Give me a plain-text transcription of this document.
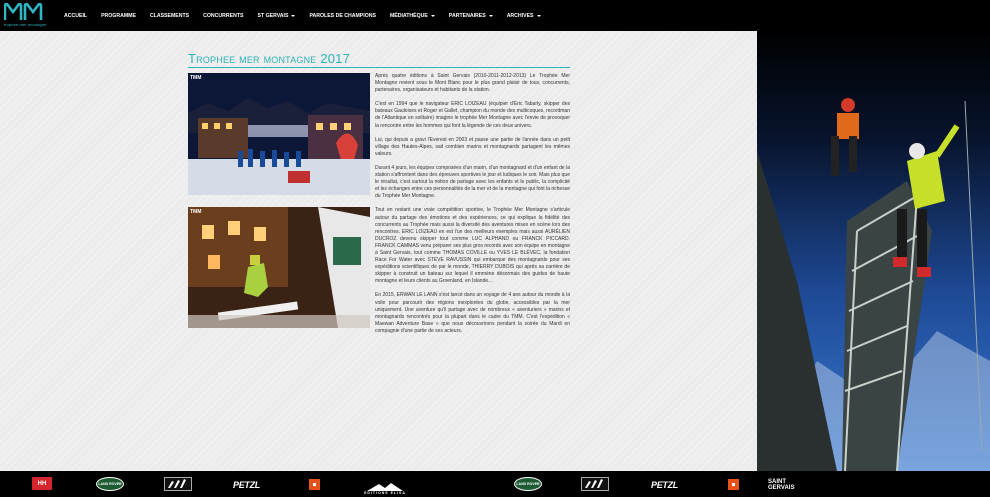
trophée mer montagne
ACCUEIL	PROGRAMME	CLASSEMENTS	CONCURRENTS	ST GERVAIS	PAROLES DE CHAMPIONS	MÉDIATHÈQUE	PARTENAIRES	ARCHIVES
Trophee mer montagne 2017
TMM	Après quatre éditions à Saint Gervais (2010-2011-2012-2013) Le Trophée Mer Montagne revient sous le Mont Blanc pour le plus grand plaisir de tous, concurrents, partenaires, organisateurs et habitants de la station.

C'est en 1994 que le navigateur ERIC LOIZEAU (équipier d'Eric Tabarly, skipper des bateaux Gauloises et Roger et Gallet, champion du monde des multicoques, recordman de l'Atlantique en solitaire) imagine le trophée Mer Montagne avec l'envie de provoquer la rencontre entre les hommes qui font la légende de ces deux univers.

Lui, qui depuis a gravi l'Everest en 2003 et passe une partie de l'année dans un petit village des Hautes-Alpes, sait combien marins et montagnards partagent les mêmes valeurs.

Durant 4 jours, les équipes composées d'un marin, d'un montagnard et d'un enfant de la station s'affrontent dans des épreuves sportives le jour et ludiques le soir. Mais plus que le résultat, c'est surtout la notion de partage avec les enfants et le public, la complicité et les échanges entre ces personnalités de la mer et de la montagne qui font la richesse du Trophée Mer Montagne.

TMM	Tout en restant une vraie compétition sportive, le Trophée Mer Montagne s'articule autour du partage des émotions et des expériences, ce qui explique la fidélité des concurrents au Trophée mais aussi la diversité des aventures mises en scène lors des rencontres. ERIC LOIZEAU en est l'un des meilleurs exemples mais aussi AURÉLIEN DUCROZ devenu skipper tout comme LUC ALPHAND ou FRANCK PICCARD. FRANCK CAMMAS venu préparer ses plus gros records avec son équipe en montagne à Saint Gervais, tout comme THOMAS COVILLE ou YVES LE BLÉVEC, la fondation Race For Water avec STEVE RAVUSSIN qui embarque des montagnards pour ses expéditions scientifiques de par le monde, THIERRY DUBOIS qui après sa carrière de skipper à construit un bateau sur lequel il emmène désormais des guides de haute montagne et leurs clients au Groenland, en Islande…

En 2015, ERWAN LE LANN s'est lancé dans un voyage de 4 ans autour du monde à la voile pour parcourir des régions inexplorées du globe, accessibles par la mer uniquement. Une aventure qu'il partage avec de nombreux « aventuriers » marins et montagnards rencontrés pour la plupart dans le cadre du TMM. C'est l'expédition « Maewan Adventure Base » que nous découvrirons pendant la soirée du Mardi en compagnie d'une partie de ses acteurs.

HH	LAND ROVER	PETZL
EDITIONS ELISA
LAND ROVER	PETZL	SAINT GERVAIS
